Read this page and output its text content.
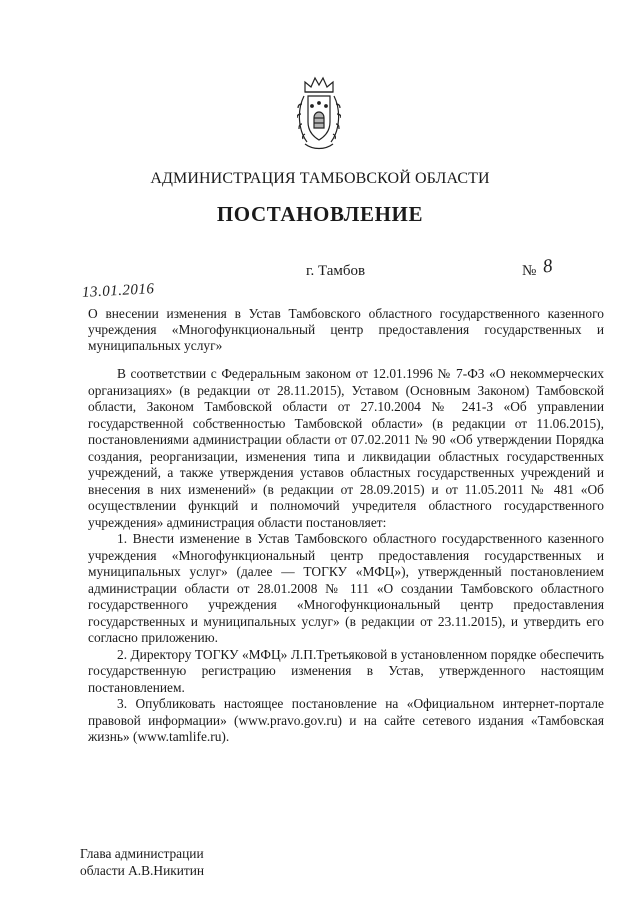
АДМИНИСТРАЦИЯ ТАМБОВСКОЙ ОБЛАСТИ
ПОСТАНОВЛЕНИЕ
13.01.2016
г. Тамбов	№ 8
О внесении изменения в Устав Тамбовского областного государственного казенного учреждения «Многофункциональный центр предоставления государственных и муниципальных услуг»

В соответствии с Федеральным законом от 12.01.1996 № 7-ФЗ «О некоммерческих организациях» (в редакции от 28.11.2015), Уставом (Основным Законом) Тамбовской области, Законом Тамбовской области от 27.10.2004 № 241-З «Об управлении государственной собственностью Тамбовской области» (в редакции от 11.06.2015), постановлениями администрации области от 07.02.2011 № 90 «Об утверждении Порядка создания, реорганизации, изменения типа и ликвидации областных государственных учреждений, а также утверждения уставов областных государственных учреждений и внесения в них изменений» (в редакции от 28.09.2015) и от 11.05.2011 № 481 «Об осуществлении функций и полномочий учредителя областного государственного учреждения» администрация области постановляет:

1. Внести изменение в Устав Тамбовского областного государственного казенного учреждения «Многофункциональный центр предоставления государственных и муниципальных услуг» (далее — ТОГКУ «МФЦ»), утвержденный постановлением администрации области от 28.01.2008 № 111 «О создании Тамбовского областного государственного учреждения «Многофункциональный центр предоставления государственных и муниципальных услуг» (в редакции от 23.11.2015), и утвердить его согласно приложению.

2. Директору ТОГКУ «МФЦ» Л.П.Третьяковой в установленном порядке обеспечить государственную регистрацию изменения в Устав, утвержденного настоящим постановлением.

3. Опубликовать настоящее постановление на «Официальном интернет-портале правовой информации» (www.pravo.gov.ru) и на сайте сетевого издания «Тамбовская жизнь» (www.tamlife.ru).

Глава администрации
области А.В.Никитин
